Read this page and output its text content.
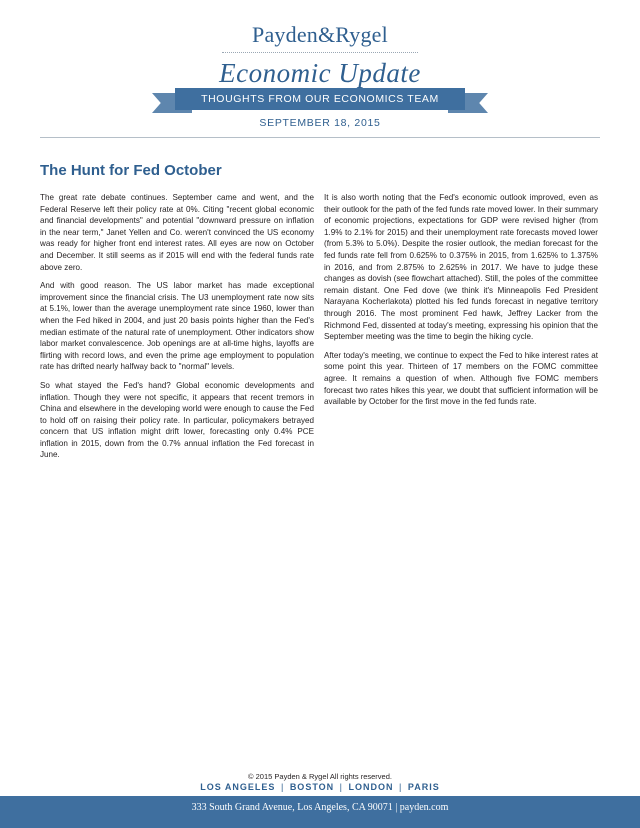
Payden&Rygel
Economic Update
THOUGHTS FROM OUR ECONOMICS TEAM
SEPTEMBER 18, 2015
The Hunt for Fed October

The great rate debate continues. September came and went, and the Federal Reserve left their policy rate at 0%. Citing "recent global economic and financial developments" and potential "downward pressure on inflation in the near term," Janet Yellen and Co. weren't convinced the US economy was ready for higher front end interest rates. All eyes are now on October and December. It still seems as if 2015 will end with the federal funds rate above zero.

And with good reason. The US labor market has made exceptional improvement since the financial crisis. The U3 unemployment rate now sits at 5.1%, lower than the average unemployment rate since 1960, lower than when the Fed hiked in 2004, and just 20 basis points higher than the Fed's median estimate of the natural rate of unemployment. Other indicators show labor market convalescence. Job openings are at all-time highs, layoffs are flirting with record lows, and even the prime age employment to population rate has drifted nearly halfway back to "normal" levels.

So what stayed the Fed's hand? Global economic developments and inflation. Though they were not specific, it appears that recent tremors in China and elsewhere in the developing world were enough to cause the Fed to hold off on raising their policy rate. In particular, policymakers betrayed concern that US inflation might drift lower, forecasting only 0.4% PCE inflation in 2015, down from the 0.7% annual inflation the Fed forecast in June.

It is also worth noting that the Fed's economic outlook improved, even as their outlook for the path of the fed funds rate moved lower. In their summary of economic projections, expectations for GDP were revised higher (from 1.9% to 2.1% for 2015) and their unemployment rate forecasts moved lower (from 5.3% to 5.0%). Despite the rosier outlook, the median forecast for the fed funds rate fell from 0.625% to 0.375% in 2015, from 1.625% to 1.375% in 2016, and from 2.875% to 2.625% in 2017. We have to judge these changes as dovish (see flowchart attached). Still, the poles of the committee remain distant. One Fed dove (we think it's Minneapolis Fed President Narayana Kocherlakota) plotted his fed funds forecast in negative territory through 2016. The most prominent Fed hawk, Jeffrey Lacker from the Richmond Fed, dissented at today's meeting, expressing his opinion that the September meeting was the time to begin the hiking cycle.

After today's meeting, we continue to expect the Fed to hike interest rates at some point this year. Thirteen of 17 members on the FOMC committee agree. It remains a question of when. Although five FOMC members forecast two rates hikes this year, we doubt that sufficient information will be available by October for the first move in the fed funds rate.

© 2015 Payden & Rygel All rights reserved.
LOS ANGELES | BOSTON | LONDON | PARIS
333 South Grand Avenue, Los Angeles, CA 90071 | payden.com
